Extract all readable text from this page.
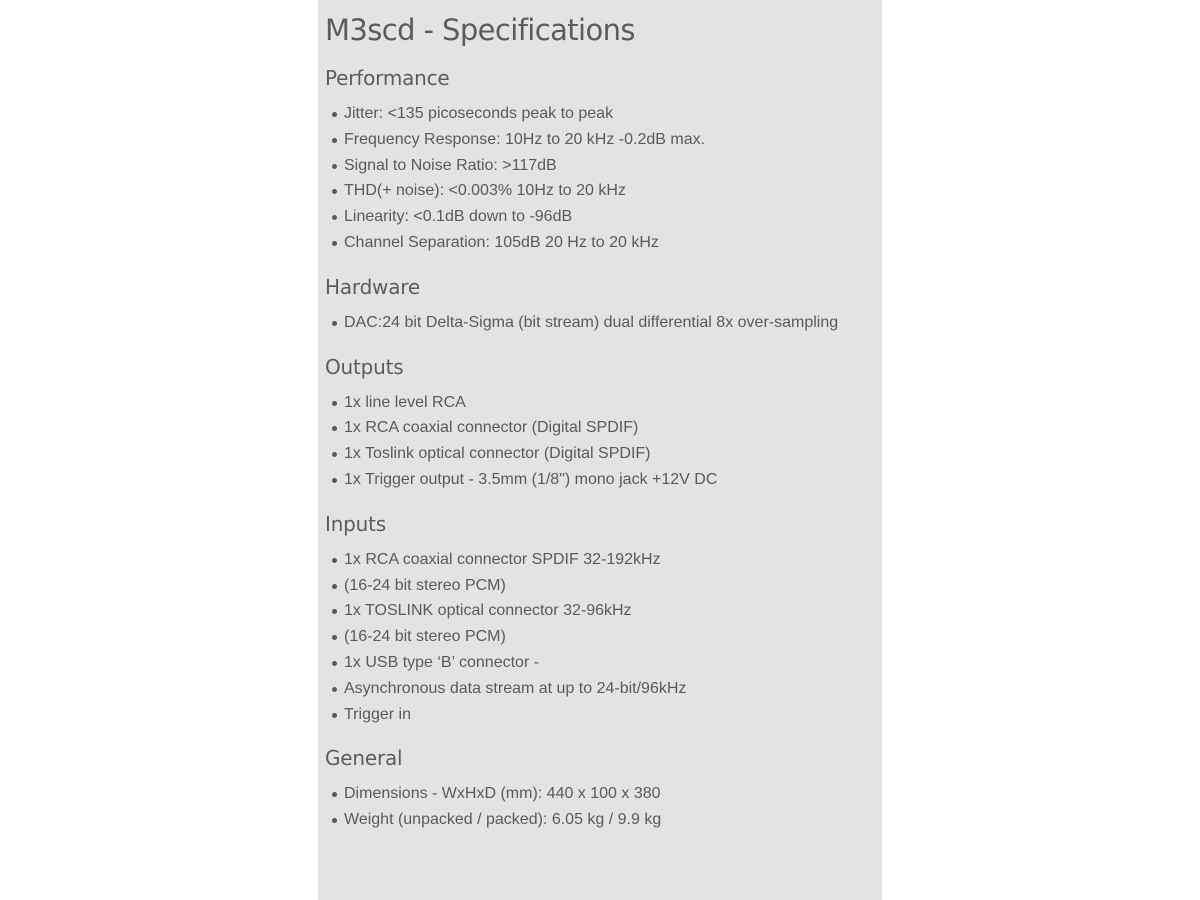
M3scd - Specifications
Performance
Jitter: <135 picoseconds peak to peak
Frequency Response: 10Hz to 20 kHz -0.2dB max.
Signal to Noise Ratio: >117dB
THD(+ noise): <0.003% 10Hz to 20 kHz
Linearity: <0.1dB down to -96dB
Channel Separation: 105dB 20 Hz to 20 kHz
Hardware
DAC:24 bit Delta-Sigma (bit stream) dual differential 8x over-sampling
Outputs
1x line level RCA
1x RCA coaxial connector (Digital SPDIF)
1x Toslink optical connector (Digital SPDIF)
1x Trigger output - 3.5mm (1/8") mono jack +12V DC
Inputs
1x RCA coaxial connector SPDIF 32-192kHz
(16-24 bit stereo PCM)
1x TOSLINK optical connector 32-96kHz
(16-24 bit stereo PCM)
1x USB type ‘B’ connector -
Asynchronous data stream at up to 24-bit/96kHz
Trigger in
General
Dimensions - WxHxD (mm): 440 x 100 x 380
Weight (unpacked / packed): 6.05 kg / 9.9 kg
